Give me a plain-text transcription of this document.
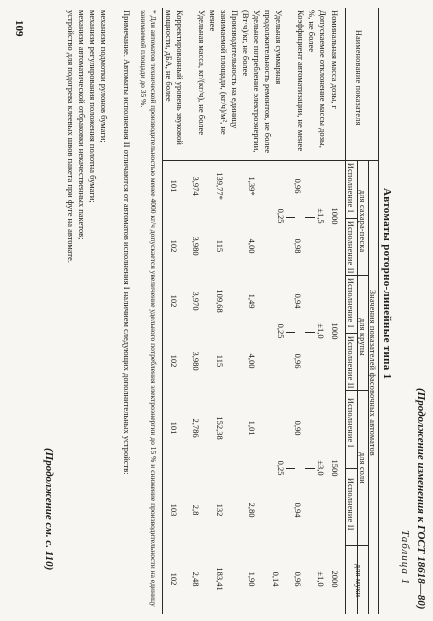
(Продолжение изменения к ГОСТ 18618—80)
Таблица 1
Автоматы роторно-линейные типа 1
Наименование показателя
Значения показателей фасовочных автоматов
для сахара-песка
для крупы
для соли
для муки
Исполнение I
Исполнение II
Исполнение I
Исполнение II
Исполнение I
Исполнение II
Номинальная масса дозы, г
Допускаемое отклонение массы дозы, %, не более
Коэффициент автоматизации, не менее
Удельная суммарная продолжительность ремонтов, не более
Удельное потребление электроэнергии, (Вт·ч)/кг, не более
Производительность на единицу занимаемой площади, (кг/ч)/м², не менее
Удельная масса, кг/(кг/ч), не более
Корректированный уровень звуковой мощности, дБА, не более
1000
1000
1500
2000
±1,5
±1,0
±3,0
±1,0
0,96
0,98
0,94
0,96
0,90
0,94
0,96
0,25
0,25
0,25
0,14
1,39*
4,00
1,49
4,00
1,01
2,80
1,90
139,77*
115
109,68
115
152,38
132
183,41
3,974
3,980
3,970
3,980
2,786
2,8
2,48
101
102
102
102
101
103
102
* Для автоматов технической производительностью менее 4000 кг/ч допускается увеличение удельного потребления электроэнергии до 15 % и снижение производительности на единицу занимаемой площади до 35 %.
Примечание. Автоматы исполнения II отличаются от автоматов исполнения I наличием следующих дополнительных устройств:
механизм подмотки рулонов бумаги;
механизм регулирования положения полотна бумаги;
механизм автоматической отбраковки некачественных пакетов;
устройство для подогрева клеевых швов пакета при фуге на автомате.
(Продолжение см. с. 110)
109
